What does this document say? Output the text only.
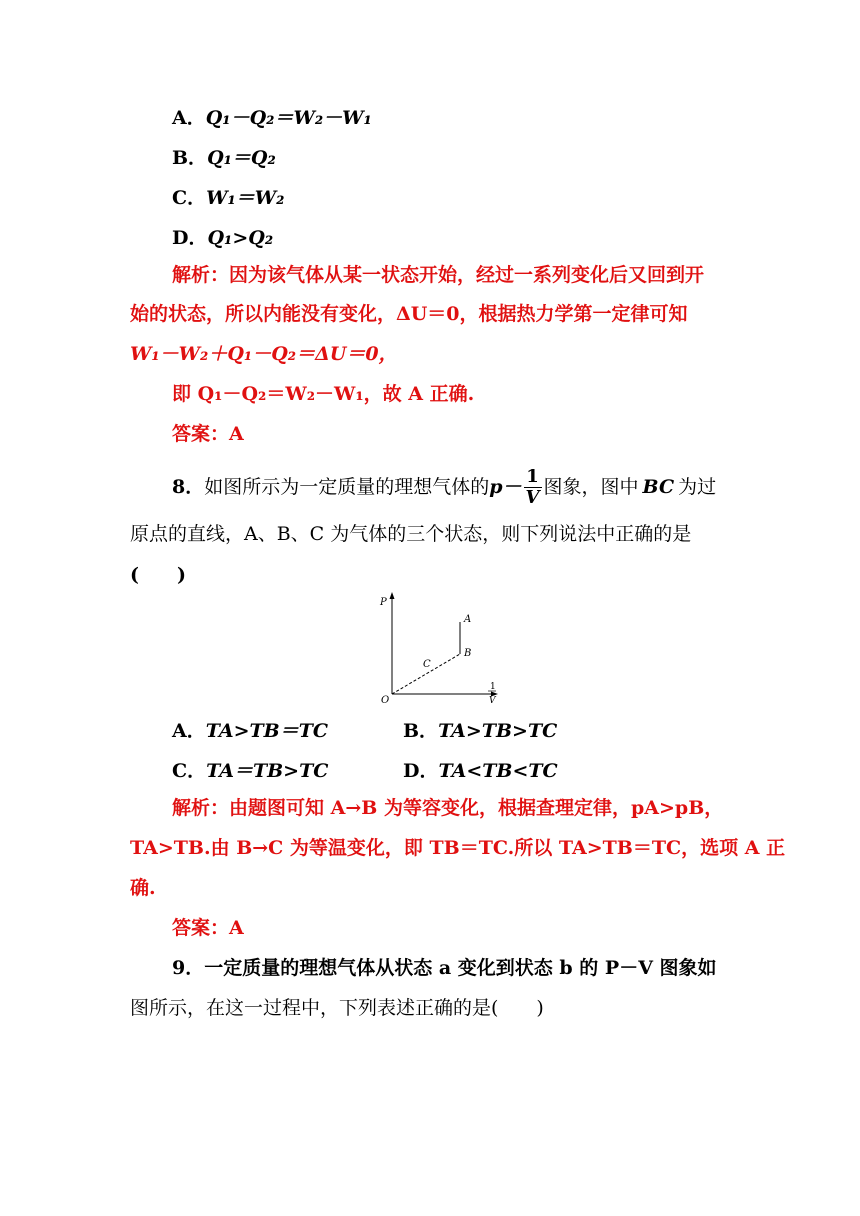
A．Q₁－Q₂＝W₂－W₁
B．Q₁＝Q₂
C．W₁＝W₂
D．Q₁>Q₂
解析：因为该气体从某一状态开始，经过一系列变化后又回到开
始的状态，所以内能没有变化，ΔU＝0，根据热力学第一定律可知
W₁－W₂＋Q₁－Q₂＝ΔU＝0，
即 Q₁－Q₂＝W₂－W₁，故 A 正确.
答案：A
8． 如图所示为一定质量的理想气体的 $p- \frac{1}{V}$ 图象，图中 BC 为过
原点的直线，A、B、C 为气体的三个状态，则下列说法中正确的是
(　　)
P
1
V
O
A
B
C
A．TA>TB＝TC	B．TA>TB>TC
C．TA＝TB>TC	D．TA<TB<TC
解析：由题图可知 A→B 为等容变化，根据查理定律，pA>pB，
TA>TB.由 B→C 为等温变化，即 TB＝TC.所以 TA>TB＝TC，选项 A 正
确.
答案：A
9．一定质量的理想气体从状态 a 变化到状态 b 的 P－V 图象如
图所示，在这一过程中，下列表述正确的是(　　)
